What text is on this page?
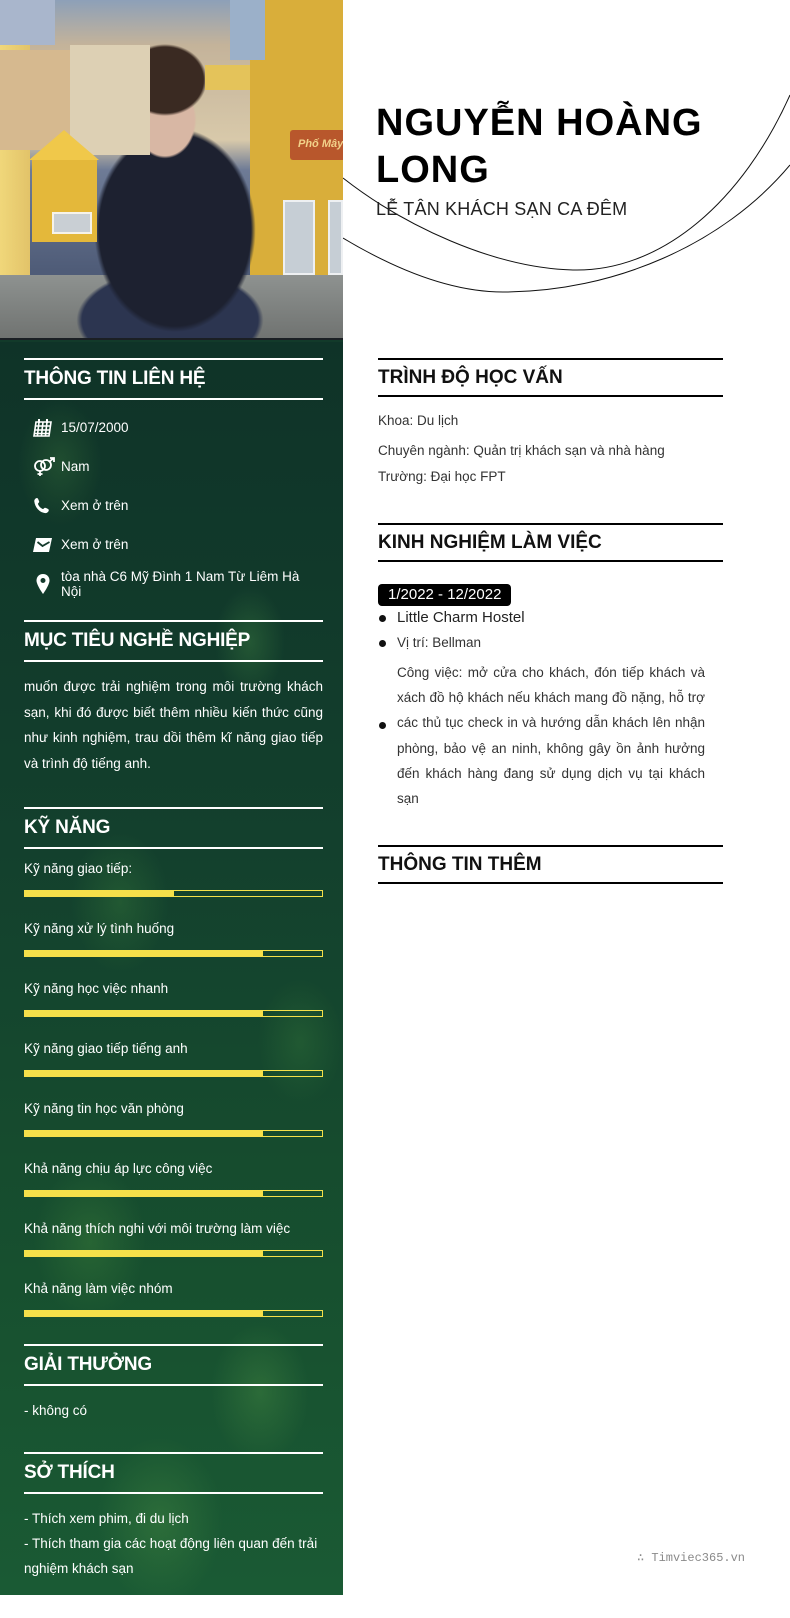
Phố Mây
THÔNG TIN LIÊN HỆ
15/07/2000
Nam
Xem ở trên
Xem ở trên
tòa nhà C6 Mỹ Đình 1 Nam Từ Liêm Hà Nội
MỤC TIÊU NGHỀ NGHIỆP

muốn được trải nghiệm trong môi trường khách sạn, khi đó được biết thêm nhiều kiến thức cũng như kinh nghiệm, trau dồi thêm kĩ năng giao tiếp và trình độ tiếng anh.

KỸ NĂNG
Kỹ năng giao tiếp:
Kỹ năng xử lý tình huống
Kỹ năng học việc nhanh
Kỹ năng giao tiếp tiếng anh
Kỹ năng tin học văn phòng
Khả năng chịu áp lực công việc
Khả năng thích nghi với môi trường làm việc
Khả năng làm việc nhóm
GIẢI THƯỞNG

- không có

SỞ THÍCH
- Thích xem phim, đi du lịch
- Thích tham gia các hoạt động liên quan đến trải nghiệm khách sạn
NGUYỄN HOÀNG LONG
LỄ TÂN KHÁCH SẠN CA ĐÊM
TRÌNH ĐỘ HỌC VẤN
Khoa: Du lịch
Chuyên ngành: Quản trị khách sạn và nhà hàng
Trường: Đại học FPT
KINH NGHIỆM LÀM VIỆC
1/2022 - 12/2022
Little Charm Hostel
Vị trí: Bellman
Công việc: mở cửa cho khách, đón tiếp khách và xách đồ hộ khách nếu khách mang đồ nặng, hỗ trợ các thủ tục check in và hướng dẫn khách lên nhận phòng, bảo vệ an ninh, không gây ồn ảnh hưởng đến khách hàng đang sử dụng dịch vụ tại khách sạn
THÔNG TIN THÊM
∴ Timviec365.vn
